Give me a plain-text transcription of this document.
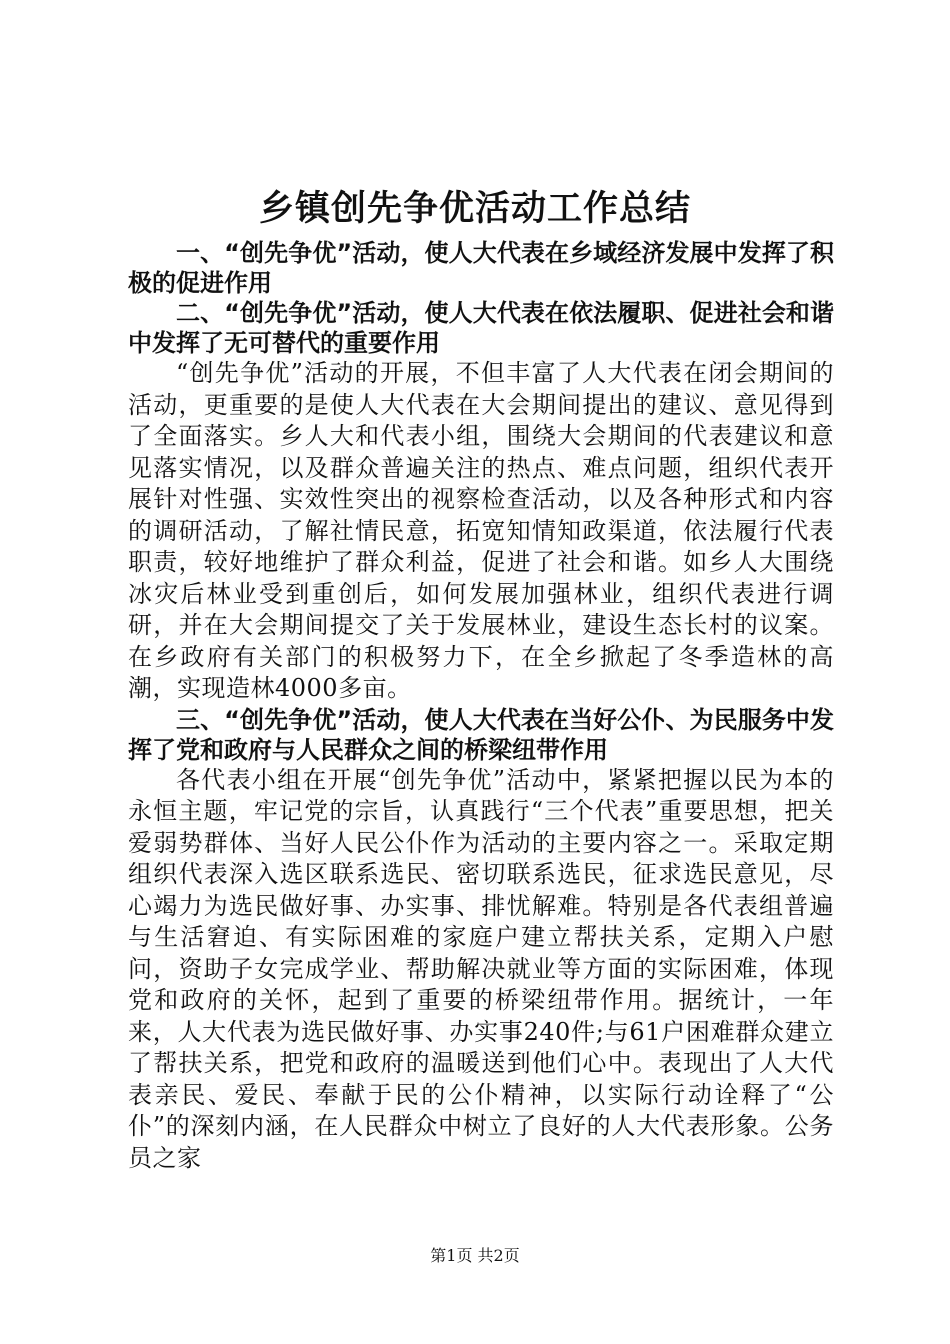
乡镇创先争优活动工作总结

一、“创先争优”活动，使人大代表在乡域经济发展中发挥了积极的促进作用

二、“创先争优”活动，使人大代表在依法履职、促进社会和谐中发挥了无可替代的重要作用

“创先争优”活动的开展，不但丰富了人大代表在闭会期间的活动，更重要的是使人大代表在大会期间提出的建议、意见得到了全面落实。乡人大和代表小组，围绕大会期间的代表建议和意见落实情况，以及群众普遍关注的热点、难点问题，组织代表开展针对性强、实效性突出的视察检查活动，以及各种形式和内容的调研活动，了解社情民意，拓宽知情知政渠道，依法履行代表职责，较好地维护了群众利益，促进了社会和谐。如乡人大围绕冰灾后林业受到重创后，如何发展加强林业，组织代表进行调研，并在大会期间提交了关于发展林业，建设生态长村的议案。在乡政府有关部门的积极努力下，在全乡掀起了冬季造林的高潮，实现造林4000多亩。

三、“创先争优”活动，使人大代表在当好公仆、为民服务中发挥了党和政府与人民群众之间的桥梁纽带作用

各代表小组在开展“创先争优”活动中，紧紧把握以民为本的永恒主题，牢记党的宗旨，认真践行“三个代表”重要思想，把关爱弱势群体、当好人民公仆作为活动的主要内容之一。采取定期组织代表深入选区联系选民、密切联系选民，征求选民意见，尽心竭力为选民做好事、办实事、排忧解难。特别是各代表组普遍与生活窘迫、有实际困难的家庭户建立帮扶关系，定期入户慰问，资助子女完成学业、帮助解决就业等方面的实际困难，体现党和政府的关怀，起到了重要的桥梁纽带作用。据统计，一年来，人大代表为选民做好事、办实事240件;与61户困难群众建立了帮扶关系，把党和政府的温暖送到他们心中。表现出了人大代表亲民、爱民、奉献于民的公仆精神，以实际行动诠释了“公仆”的深刻内涵，在人民群众中树立了良好的人大代表形象。公务员之家

第1页 共2页
